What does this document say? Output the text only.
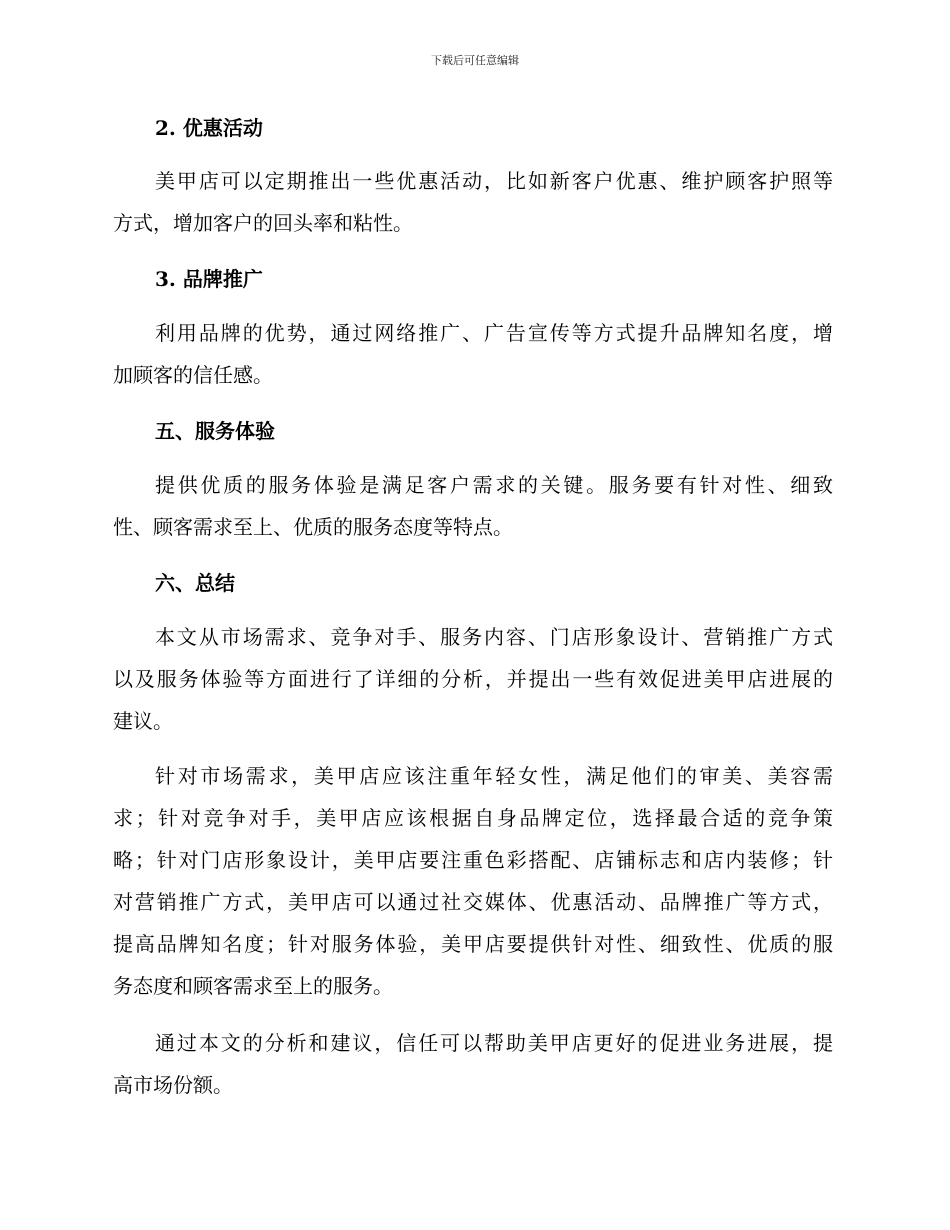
下载后可任意编辑
2. 优惠活动
美甲店可以定期推出一些优惠活动，比如新客户优惠、维护顾客护照等
方式，增加客户的回头率和粘性。
3. 品牌推广
利用品牌的优势，通过网络推广、广告宣传等方式提升品牌知名度，增
加顾客的信任感。
五、服务体验
提供优质的服务体验是满足客户需求的关键。服务要有针对性、细致
性、顾客需求至上、优质的服务态度等特点。
六、总结
本文从市场需求、竞争对手、服务内容、门店形象设计、营销推广方式
以及服务体验等方面进行了详细的分析，并提出一些有效促进美甲店进展的
建议。
针对市场需求，美甲店应该注重年轻女性，满足他们的审美、美容需
求；针对竞争对手，美甲店应该根据自身品牌定位，选择最合适的竞争策
略；针对门店形象设计，美甲店要注重色彩搭配、店铺标志和店内装修；针
对营销推广方式，美甲店可以通过社交媒体、优惠活动、品牌推广等方式，
提高品牌知名度；针对服务体验，美甲店要提供针对性、细致性、优质的服
务态度和顾客需求至上的服务。
通过本文的分析和建议，信任可以帮助美甲店更好的促进业务进展，提
高市场份额。
